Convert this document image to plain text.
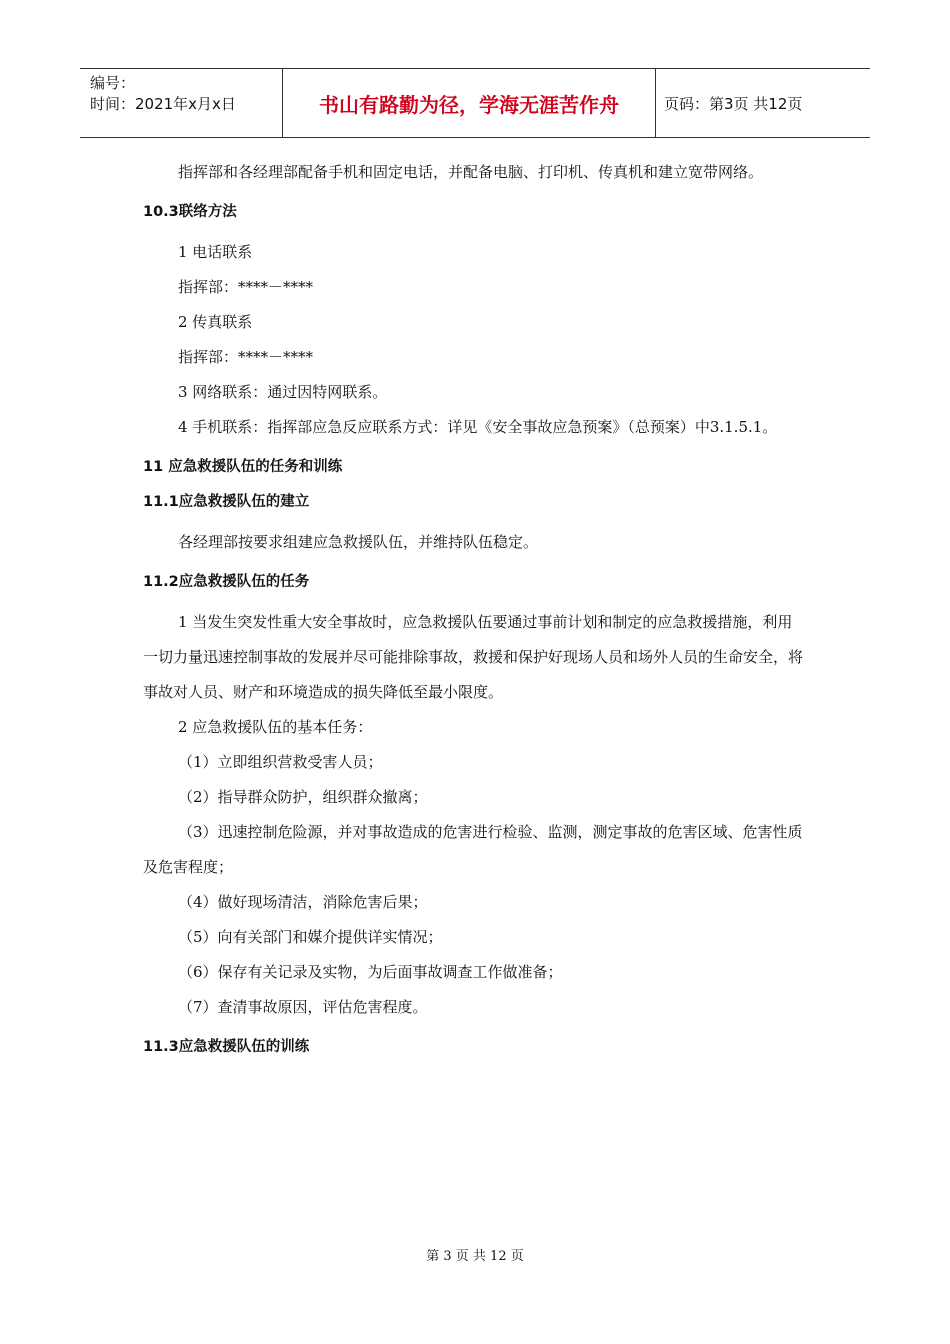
编号：
时间：2021年x月x日	书山有路勤为径，学海无涯苦作舟	页码：第3页 共12页

指挥部和各经理部配备手机和固定电话，并配备电脑、打印机、传真机和建立宽带网络。

10.3联络方法

1 电话联系

指挥部：****－****

2 传真联系

指挥部：****－****

3 网络联系：通过因特网联系。

4 手机联系：指挥部应急反应联系方式：详见《安全事故应急预案》（总预案）中3.1.5.1。

11 应急救援队伍的任务和训练
11.1应急救援队伍的建立

各经理部按要求组建应急救援队伍，并维持队伍稳定。

11.2应急救援队伍的任务

1 当发生突发性重大安全事故时，应急救援队伍要通过事前计划和制定的应急救援措施，利用一切力量迅速控制事故的发展并尽可能排除事故，救援和保护好现场人员和场外人员的生命安全，将事故对人员、财产和环境造成的损失降低至最小限度。

2 应急救援队伍的基本任务：

（1）立即组织营救受害人员；

（2）指导群众防护，组织群众撤离；

（3）迅速控制危险源，并对事故造成的危害进行检验、监测，测定事故的危害区域、危害性质及危害程度；

（4）做好现场清洁，消除危害后果；

（5）向有关部门和媒介提供详实情况；

（6）保存有关记录及实物，为后面事故调查工作做准备；

（7）查清事故原因，评估危害程度。

11.3应急救援队伍的训练
第 3 页 共 12 页
